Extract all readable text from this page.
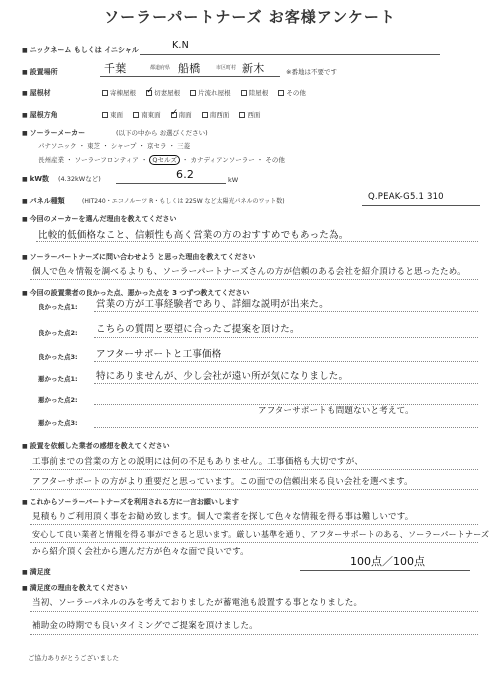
ソーラーパートナーズ お客様アンケート
■ ニックネーム もしくは イニシャル	K.N
■ 設置場所	千葉	都道府県 船橋	市区町村 新木	※番地は不要です
■ 屋根材	寄棟屋根 ✓	切妻屋根	片流れ屋根	陸屋根	その他
■ 屋根方角	東面	南東面 ✓	南面	南西面	西面
■ ソーラーメーカー	(以下の中から お選びください)
パナソニック ・ 東芝 ・ シャープ ・ 京セラ ・ 三菱
長州産業 ・ ソーラーフロンティア ・ Qセルズ ・ カナディアンソーラー ・ その他
■ kW数 (4.32kWなど)	6.2	kW
■ パネル種類	(HIT240・エコノルーツ R・もしくは 225W など太陽光パネルのワット数)	Q.PEAK-G5.1 310
■ 今回のメーカーを選んだ理由を教えてください
比較的低価格なこと、信頼性も高く営業の方のおすすめでもあった為。
■ ソーラーパートナーズに問い合わせよう と思った理由を教えてください
個人で色々情報を調べるよりも、ソーラーパートナーズさんの方が信頼のある会社を紹介頂けると思ったため。
■ 今回の設置業者の良かった点、悪かった点を 3 つずつ教えてください
良かった点1: 営業の方が工事経験者であり、詳細な説明が出来た。
良かった点2: こちらの質問と要望に合ったご提案を頂けた。
良かった点3: アフターサポートと工事価格
悪かった点1: 特にありませんが、少し会社が遠い所が気になりました。
悪かった点2:
悪かった点3:
アフターサポートも問題ないと考えて。
■ 設置を依頼した業者の感想を教えてください
工事前までの営業の方との説明には何の不足もありません。工事価格も大切ですが、
アフターサポートの方がより重要だと思っています。この面での信頼出来る良い会社を選べます。
■ これからソーラーパートナーズを利用される方に一言お願いします
見積もりご利用頂く事をお勧め致します。個人で業者を探して色々な情報を得る事は難しいです。
安心して良い業者と情報を得る事ができると思います。厳しい基準を通り、アフターサポートのある、ソーラーパートナーズ
から紹介頂く会社から選んだ方が色々な面で良いです。
■ 満足度
100点／100点
■ 満足度の理由を教えてください
当初、ソーラーパネルのみを考えておりましたが蓄電池も設置する事となりました。
補助金の時期でも良いタイミングでご提案を頂けました。
ご協力ありがとうございました
